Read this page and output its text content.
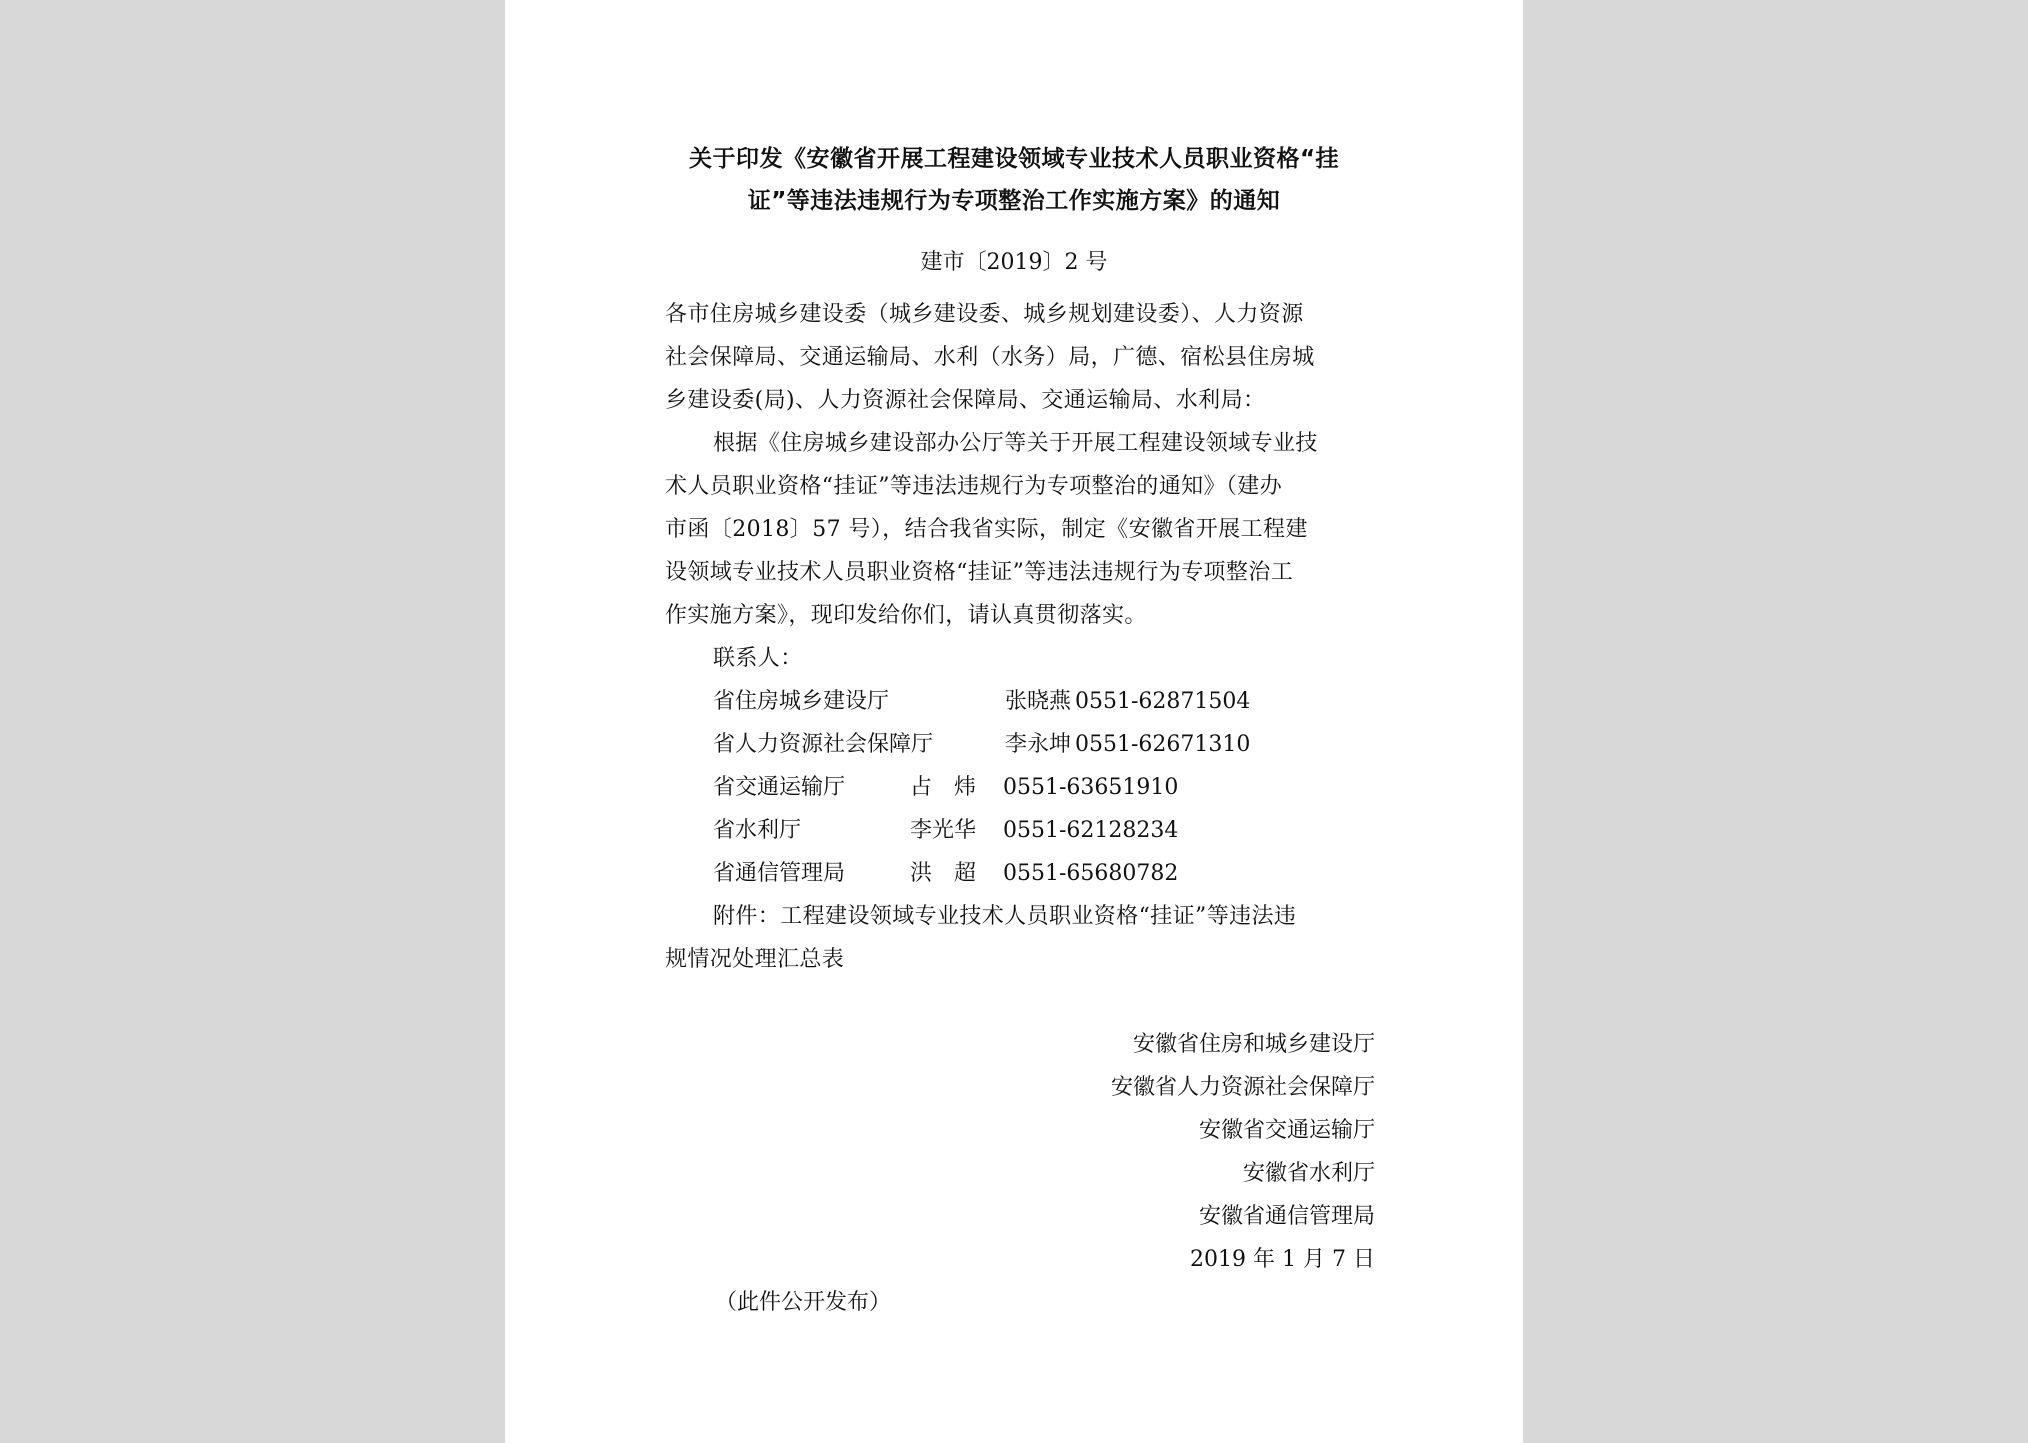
关于印发《安徽省开展工程建设领域专业技术人员职业资格“挂
证”等违法违规行为专项整治工作实施方案》的通知
建市〔2019〕2 号
各市住房城乡建设委（城乡建设委、城乡规划建设委）、人力资源
社会保障局、交通运输局、水利（水务）局，广德、宿松县住房城
乡建设委(局)、人力资源社会保障局、交通运输局、水利局：
根据《住房城乡建设部办公厅等关于开展工程建设领域专业技
术人员职业资格“挂证”等违法违规行为专项整治的通知》（建办
市函〔2018〕57 号），结合我省实际，制定《安徽省开展工程建
设领域专业技术人员职业资格“挂证”等违法违规行为专项整治工
作实施方案》，现印发给你们，请认真贯彻落实。
联系人：
省住房城乡建设厅	张晓燕 0551-62871504
省人力资源社会保障厅	李永坤 0551-62671310
省交通运输厅	占　炜 0551-63651910
省水利厅	李光华 0551-62128234
省通信管理局	洪　超 0551-65680782
附件：工程建设领域专业技术人员职业资格“挂证”等违法违
规情况处理汇总表
安徽省住房和城乡建设厅
安徽省人力资源社会保障厅
安徽省交通运输厅
安徽省水利厅
安徽省通信管理局
2019 年 1 月 7 日
（此件公开发布）
